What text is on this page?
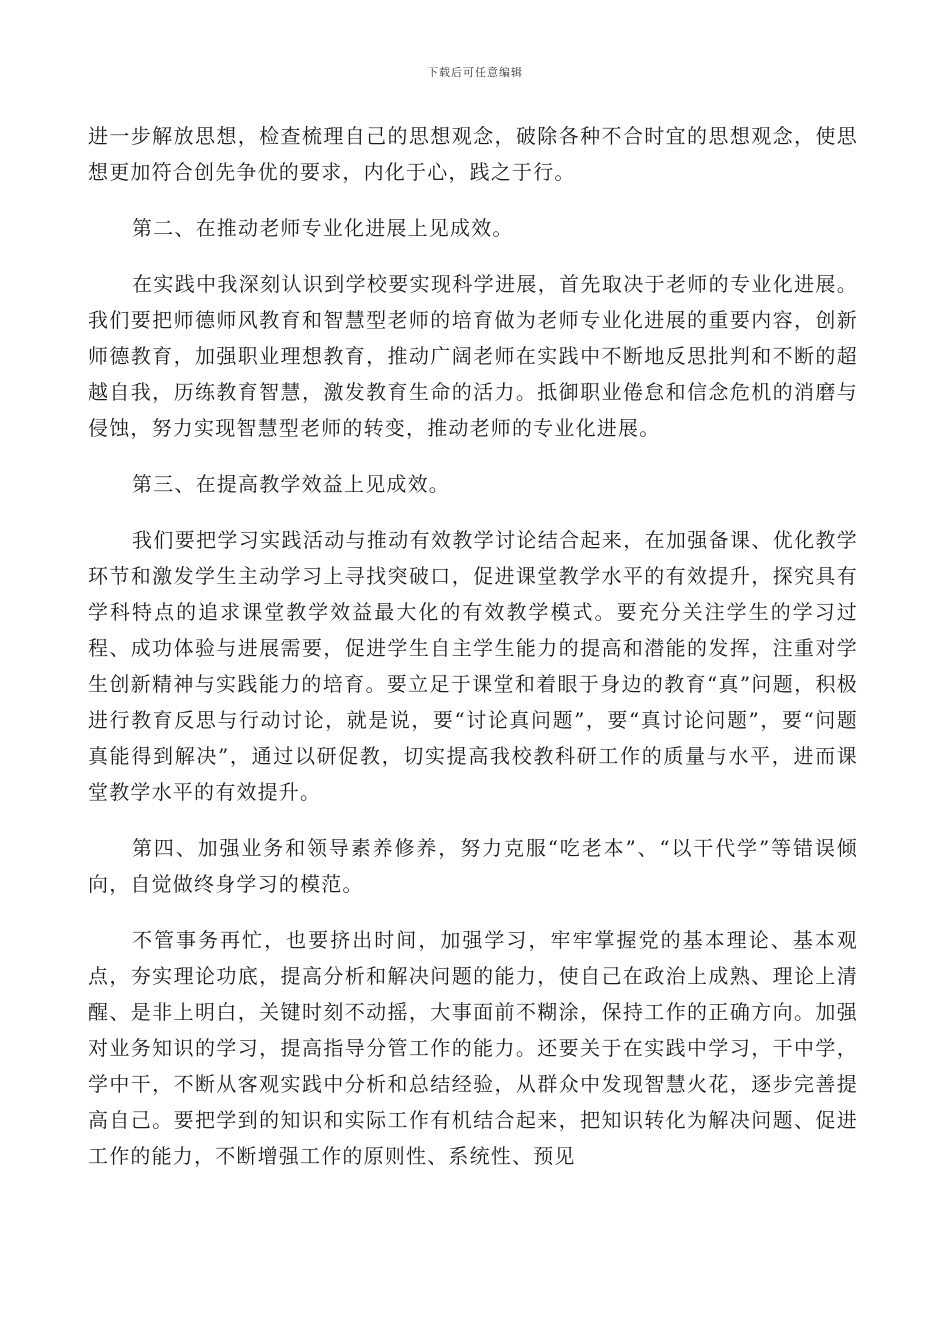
下载后可任意编辑

进一步解放思想，检查梳理自己的思想观念，破除各种不合时宜的思想观念，使思想更加符合创先争优的要求，内化于心，践之于行。

第二、在推动老师专业化进展上见成效。

在实践中我深刻认识到学校要实现科学进展，首先取决于老师的专业化进展。我们要把师德师风教育和智慧型老师的培育做为老师专业化进展的重要内容，创新师德教育，加强职业理想教育，推动广阔老师在实践中不断地反思批判和不断的超越自我，历练教育智慧，激发教育生命的活力。抵御职业倦怠和信念危机的消磨与侵蚀，努力实现智慧型老师的转变，推动老师的专业化进展。

第三、在提高教学效益上见成效。

我们要把学习实践活动与推动有效教学讨论结合起来，在加强备课、优化教学环节和激发学生主动学习上寻找突破口，促进课堂教学水平的有效提升，探究具有学科特点的追求课堂教学效益最大化的有效教学模式。要充分关注学生的学习过程、成功体验与进展需要，促进学生自主学生能力的提高和潜能的发挥，注重对学生创新精神与实践能力的培育。要立足于课堂和着眼于身边的教育“真”问题，积极进行教育反思与行动讨论，就是说，要“讨论真问题”，要“真讨论问题”，要“问题真能得到解决”，通过以研促教，切实提高我校教科研工作的质量与水平，进而课堂教学水平的有效提升。

第四、加强业务和领导素养修养，努力克服“吃老本”、“以干代学”等错误倾向，自觉做终身学习的模范。

不管事务再忙，也要挤出时间，加强学习，牢牢掌握党的基本理论、基本观点，夯实理论功底，提高分析和解决问题的能力，使自己在政治上成熟、理论上清醒、是非上明白，关键时刻不动摇，大事面前不糊涂，保持工作的正确方向。加强对业务知识的学习，提高指导分管工作的能力。还要关于在实践中学习，干中学，学中干，不断从客观实践中分析和总结经验，从群众中发现智慧火花，逐步完善提高自己。要把学到的知识和实际工作有机结合起来，把知识转化为解决问题、促进工作的能力，不断增强工作的原则性、系统性、预见
